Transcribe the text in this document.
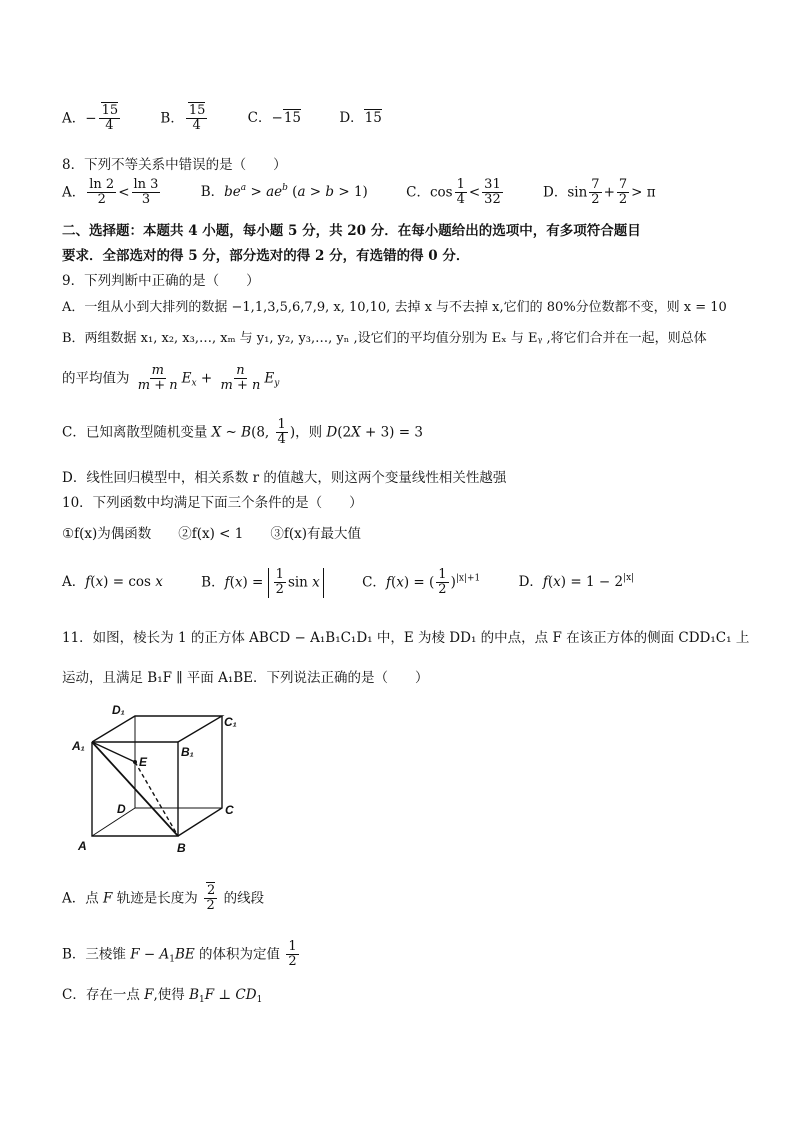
A．− $\frac{15}{4}$	B． $\frac{15}{4}$	C．−15	D．15
8．下列不等关系中错误的是（　　）
A． $\frac{\ln 2}{2} < \frac{\ln 3}{3}$	B．$be^a > ae^b$ (a > b > 1)	C．$\cos \frac{1}{4} < \frac{31}{32}$	D．$\sin \frac{7}{2} + \frac{7}{2} > \pi$
二、选择题：本题共 4 小题，每小题 5 分，共 20 分．在每小题给出的选项中，有多项符合题目
要求．全部选对的得 5 分，部分选对的得 2 分，有选错的得 0 分．
9．下列判断中正确的是（　　）
A．一组从小到大排列的数据 −1,1,3,5,6,7,9, x, 10,10, 去掉 x 与不去掉 x,它们的 80%分位数都不变，则 x = 10
B．两组数据 x₁, x₂, x₃,…, xₘ 与 y₁, y₂, y₃,…, yₙ ,设它们的平均值分别为 Eₓ 与 Eᵧ ,将它们合并在一起，则总体
的平均值为 $\frac{m}{m + n} E_x + \frac{n}{m + n} E_y$
C．已知离散型随机变量 X ~ B(8, $\frac{1}{4}$ )，则 D(2X + 3) = 3
D．线性回归模型中，相关系数 r 的值越大，则这两个变量线性相关性越强
10．下列函数中均满足下面三个条件的是（　　）
①f(x)为偶函数　　②f(x) < 1　　③f(x)有最大值
A．f(x) = cos x	B．$f(x) = \frac{1}{2}$ sin x	C．f(x) = ( $\frac{1}{2} )^{|x|+1}$	D．$f(x) = 1 - 2^{|x|}$
11．如图，棱长为 1 的正方体 ABCD − A₁B₁C₁D₁ 中，E 为棱 DD₁ 的中点，点 F 在该正方体的侧面 CDD₁C₁ 上
运动，且满足 B₁F ∥ 平面 A₁BE．下列说法正确的是（　　）
D₁
C₁
A₁
E
B₁
D	C
A	B
A．点 F 轨迹是长度为 $\frac{2}{2}$ 的线段
B．三棱锥 $F - A_1BE$ 的体积为定值 $\frac{1}{2}$
C．存在一点 F,使得 $B_1F$ ⊥ $CD_1$
